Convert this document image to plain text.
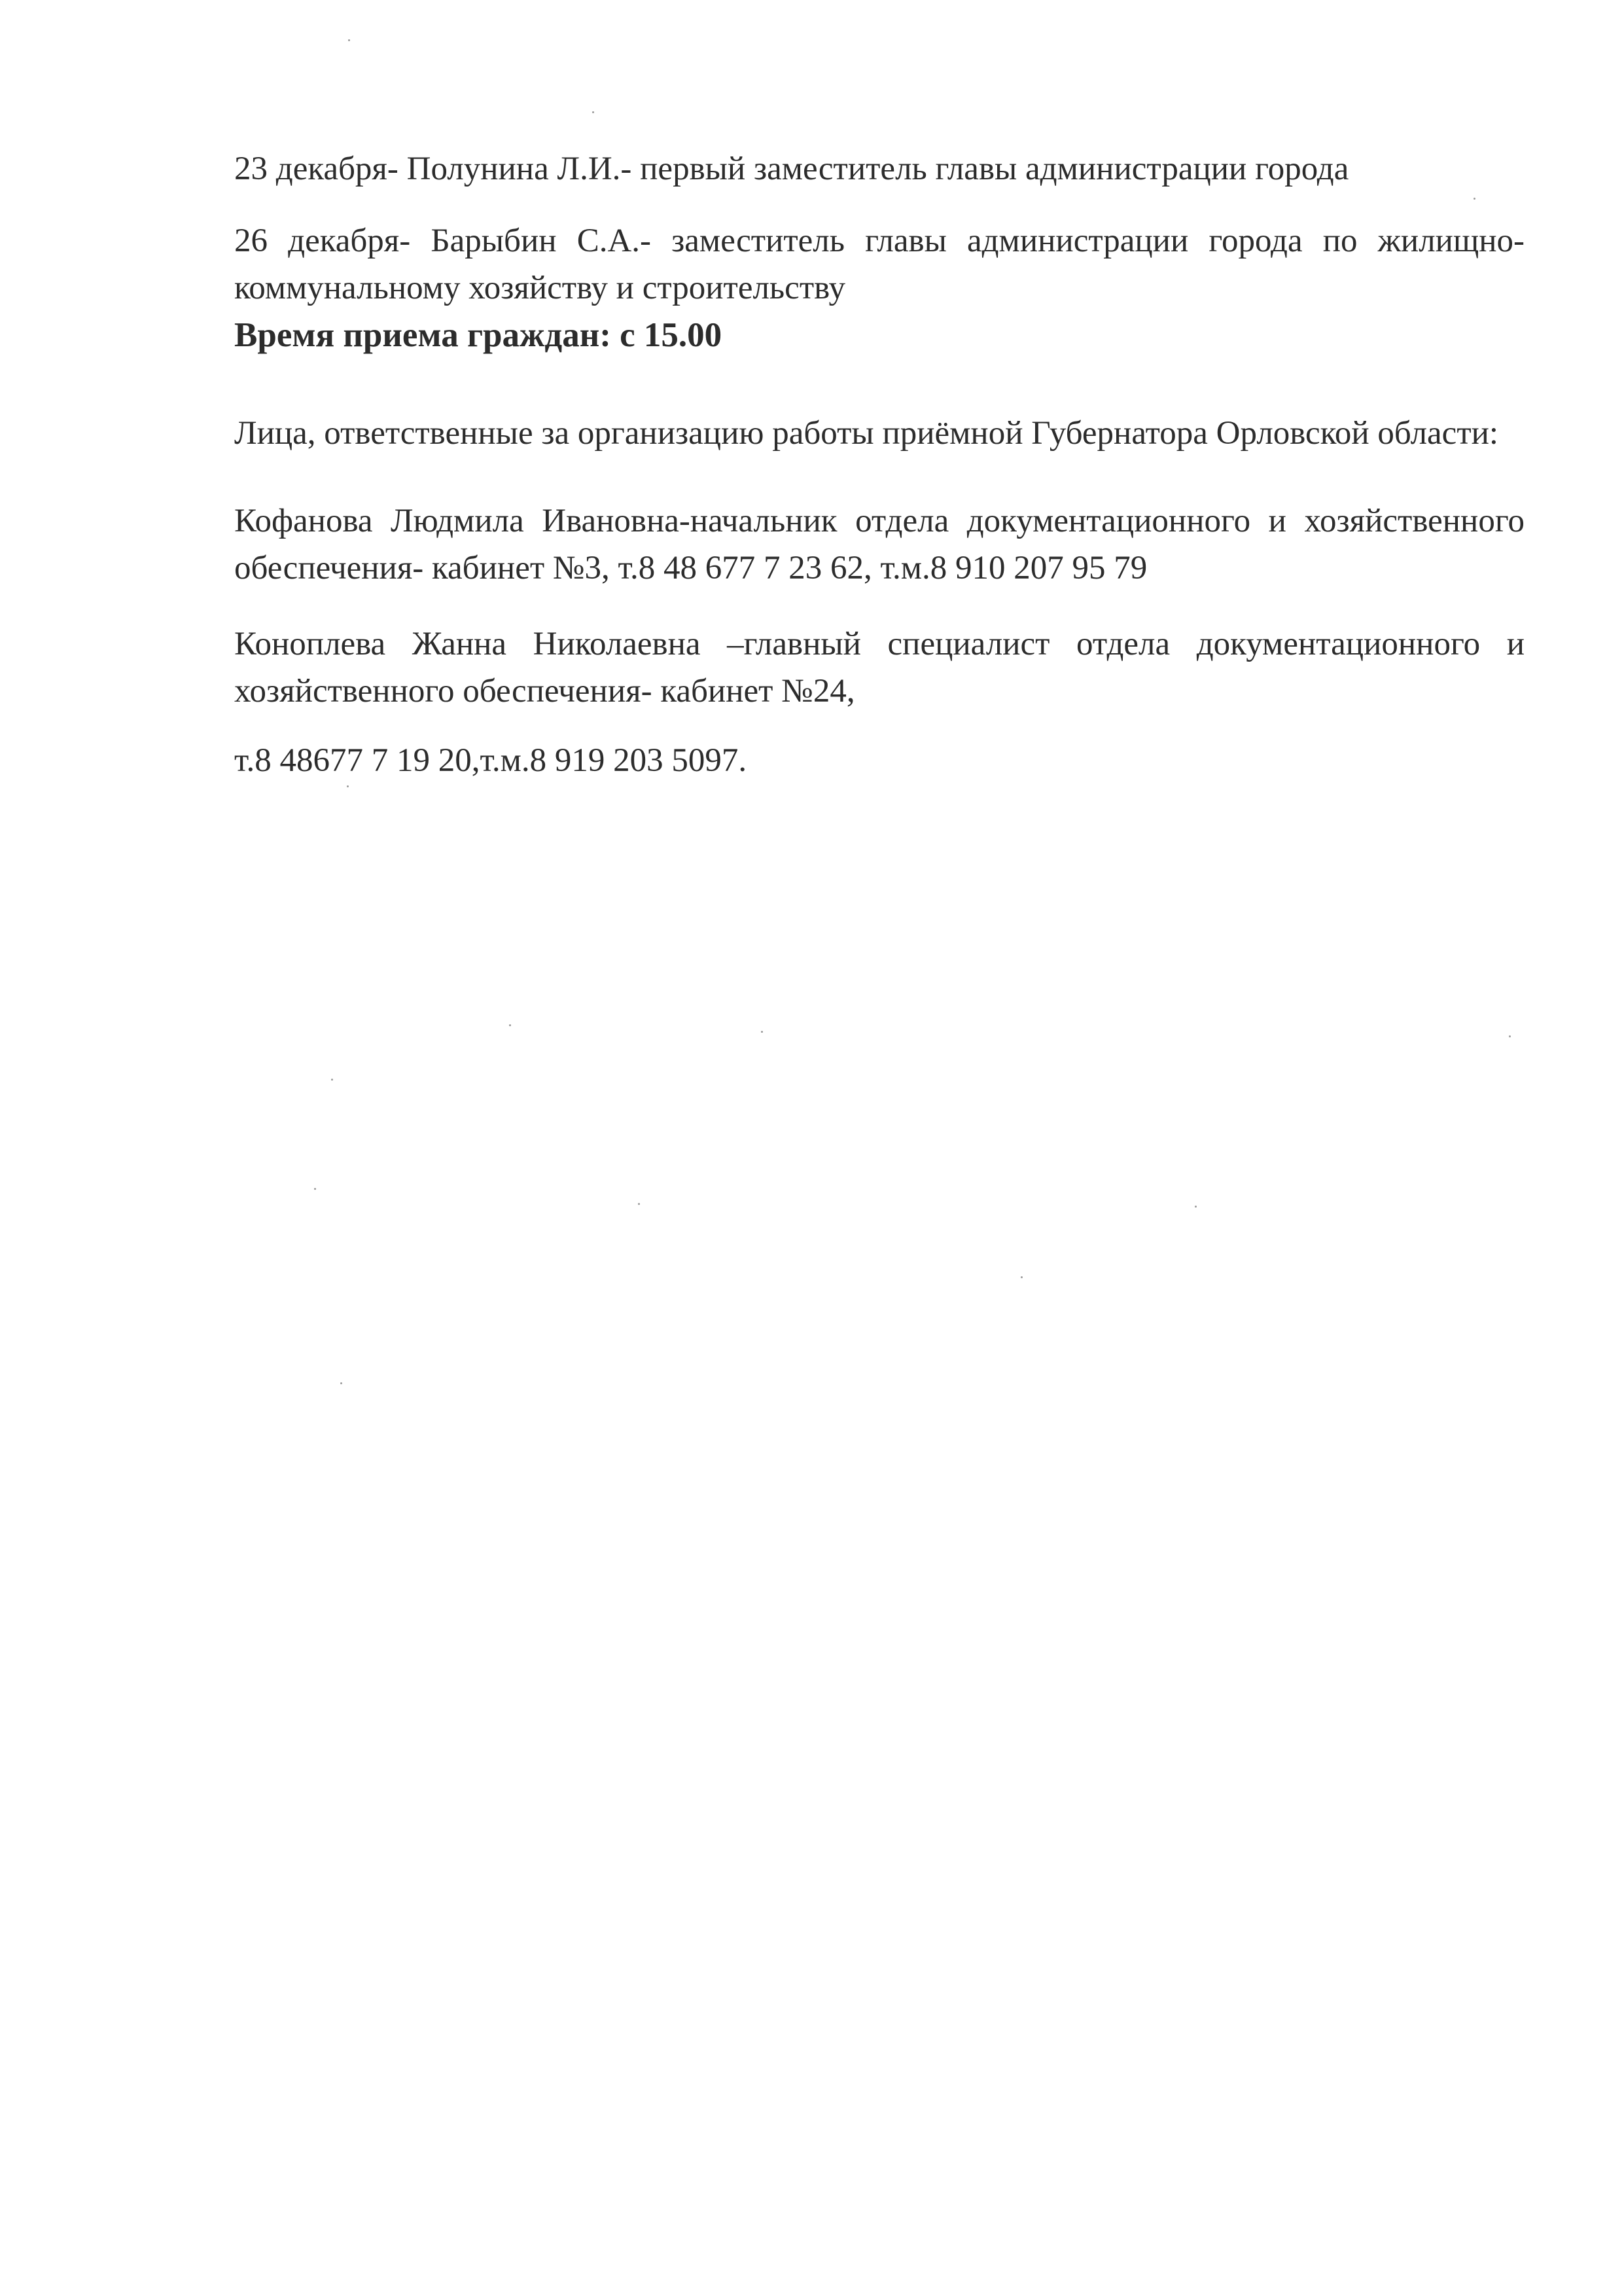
23 декабря- Полунина Л.И.- первый заместитель главы администрации города

26 декабря- Барыбин С.А.- заместитель главы администрации города по жилищно-коммунальному хозяйству и строительству

Время приема граждан: с 15.00

Лица, ответственные за организацию работы приёмной Губернатора Орловской области:

Кофанова Людмила Ивановна-начальник отдела документационного и хозяйственного обеспечения- кабинет №3, т.8 48 677 7 23 62, т.м.8 910 207 95 79

Коноплева Жанна Николаевна –главный специалист отдела документационного и хозяйственного обеспечения- кабинет №24,

т.8 48677 7 19 20,т.м.8 919 203 5097.
